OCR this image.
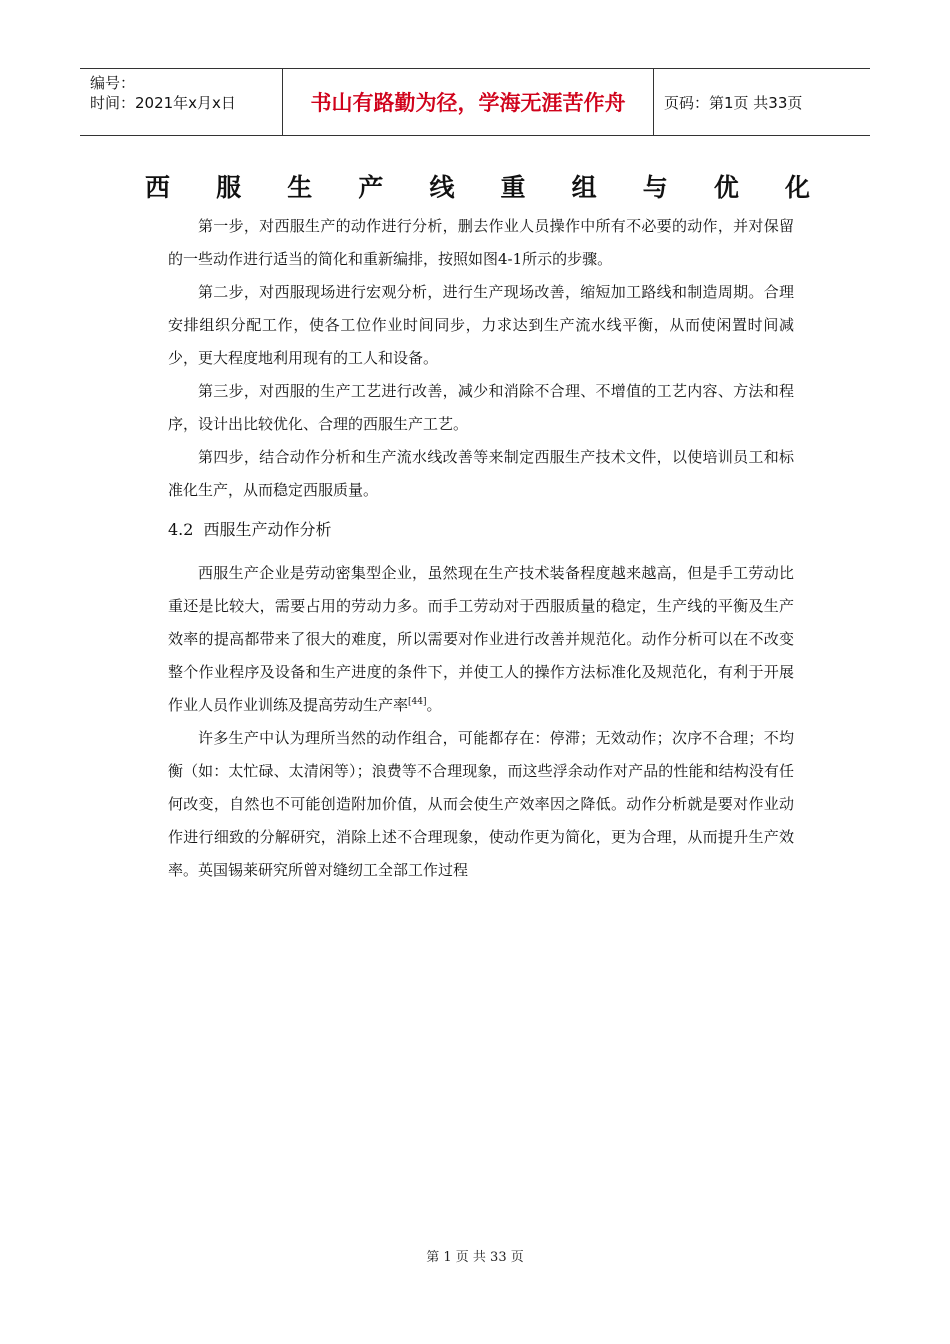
编号：
时间：2021年x月x日	书山有路勤为径，学海无涯苦作舟	页码：第1页 共33页
西 服 生 产 线 重 组 与 优 化

第一步，对西服生产的动作进行分析，删去作业人员操作中所有不必要的动作，并对保留的一些动作进行适当的简化和重新编排，按照如图4-1所示的步骤。

第二步，对西服现场进行宏观分析，进行生产现场改善，缩短加工路线和制造周期。合理安排组织分配工作，使各工位作业时间同步，力求达到生产流水线平衡，从而使闲置时间减少，更大程度地利用现有的工人和设备。

第三步，对西服的生产工艺进行改善，减少和消除不合理、不增值的工艺内容、方法和程序，设计出比较优化、合理的西服生产工艺。

第四步，结合动作分析和生产流水线改善等来制定西服生产技术文件，以使培训员工和标准化生产，从而稳定西服质量。

4.2 西服生产动作分析

西服生产企业是劳动密集型企业，虽然现在生产技术装备程度越来越高，但是手工劳动比重还是比较大，需要占用的劳动力多。而手工劳动对于西服质量的稳定，生产线的平衡及生产效率的提高都带来了很大的难度，所以需要对作业进行改善并规范化。动作分析可以在不改变整个作业程序及设备和生产进度的条件下，并使工人的操作方法标准化及规范化，有利于开展作业人员作业训练及提高劳动生产率[44]。

许多生产中认为理所当然的动作组合，可能都存在：停滞；无效动作；次序不合理；不均衡（如：太忙碌、太清闲等）；浪费等不合理现象，而这些浮余动作对产品的性能和结构没有任何改变，自然也不可能创造附加价值，从而会使生产效率因之降低。动作分析就是要对作业动作进行细致的分解研究，消除上述不合理现象，使动作更为简化，更为合理，从而提升生产效率。英国锡莱研究所曾对缝纫工全部工作过程

第 1 页 共 33 页
